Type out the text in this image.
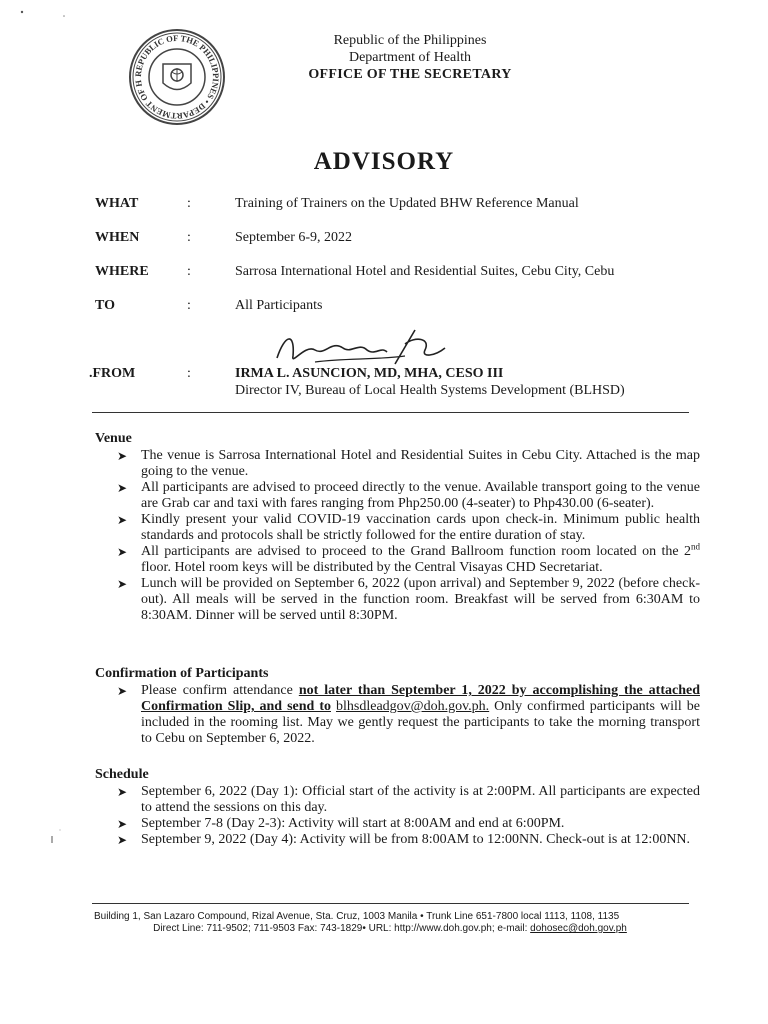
REPUBLIC OF THE PHILIPPINES • DEPARTMENT OF H
Republic of the Philippines
Department of Health
OFFICE OF THE SECRETARY
ADVISORY
WHAT	:	Training of Trainers on the Updated BHW Reference Manual
WHEN	:	September 6-9, 2022
WHERE	:	Sarrosa International Hotel and Residential Suites, Cebu City, Cebu
TO	:	All Participants
.FROM	:	IRMA L. ASUNCION, MD, MHA, CESO III
Director IV, Bureau of Local Health Systems Development (BLHSD)
Venue
➤ The venue is Sarrosa International Hotel and Residential Suites in Cebu City. Attached is the map going to the venue.
➤ All participants are advised to proceed directly to the venue. Available transport going to the venue are Grab car and taxi with fares ranging from Php250.00 (4-seater) to Php430.00 (6-seater).
➤ Kindly present your valid COVID-19 vaccination cards upon check-in. Minimum public health standards and protocols shall be strictly followed for the entire duration of stay.
➤ All participants are advised to proceed to the Grand Ballroom function room located on the 2nd floor. Hotel room keys will be distributed by the Central Visayas CHD Secretariat.
➤ Lunch will be provided on September 6, 2022 (upon arrival) and September 9, 2022 (before check-out). All meals will be served in the function room. Breakfast will be served from 6:30AM to 8:30AM. Dinner will be served until 8:30PM.
Confirmation of Participants
➤ Please confirm attendance not later than September 1, 2022 by accomplishing the attached Confirmation Slip, and send to blhsdleadgov@doh.gov.ph. Only confirmed participants will be included in the rooming list. May we gently request the participants to take the morning transport to Cebu on September 6, 2022.
Schedule
➤ September 6, 2022 (Day 1): Official start of the activity is at 2:00PM. All participants are expected to attend the sessions on this day.
➤ September 7-8 (Day 2-3): Activity will start at 8:00AM and end at 6:00PM.
➤ September 9, 2022 (Day 4): Activity will be from 8:00AM to 12:00NN. Check-out is at 12:00NN.
Building 1, San Lazaro Compound, Rizal Avenue, Sta. Cruz, 1003 Manila • Trunk Line 651-7800 local 1113, 1108, 1135
Direct Line: 711-9502; 711-9503 Fax: 743-1829• URL: http://www.doh.gov.ph; e-mail: dohosec@doh.gov.ph
